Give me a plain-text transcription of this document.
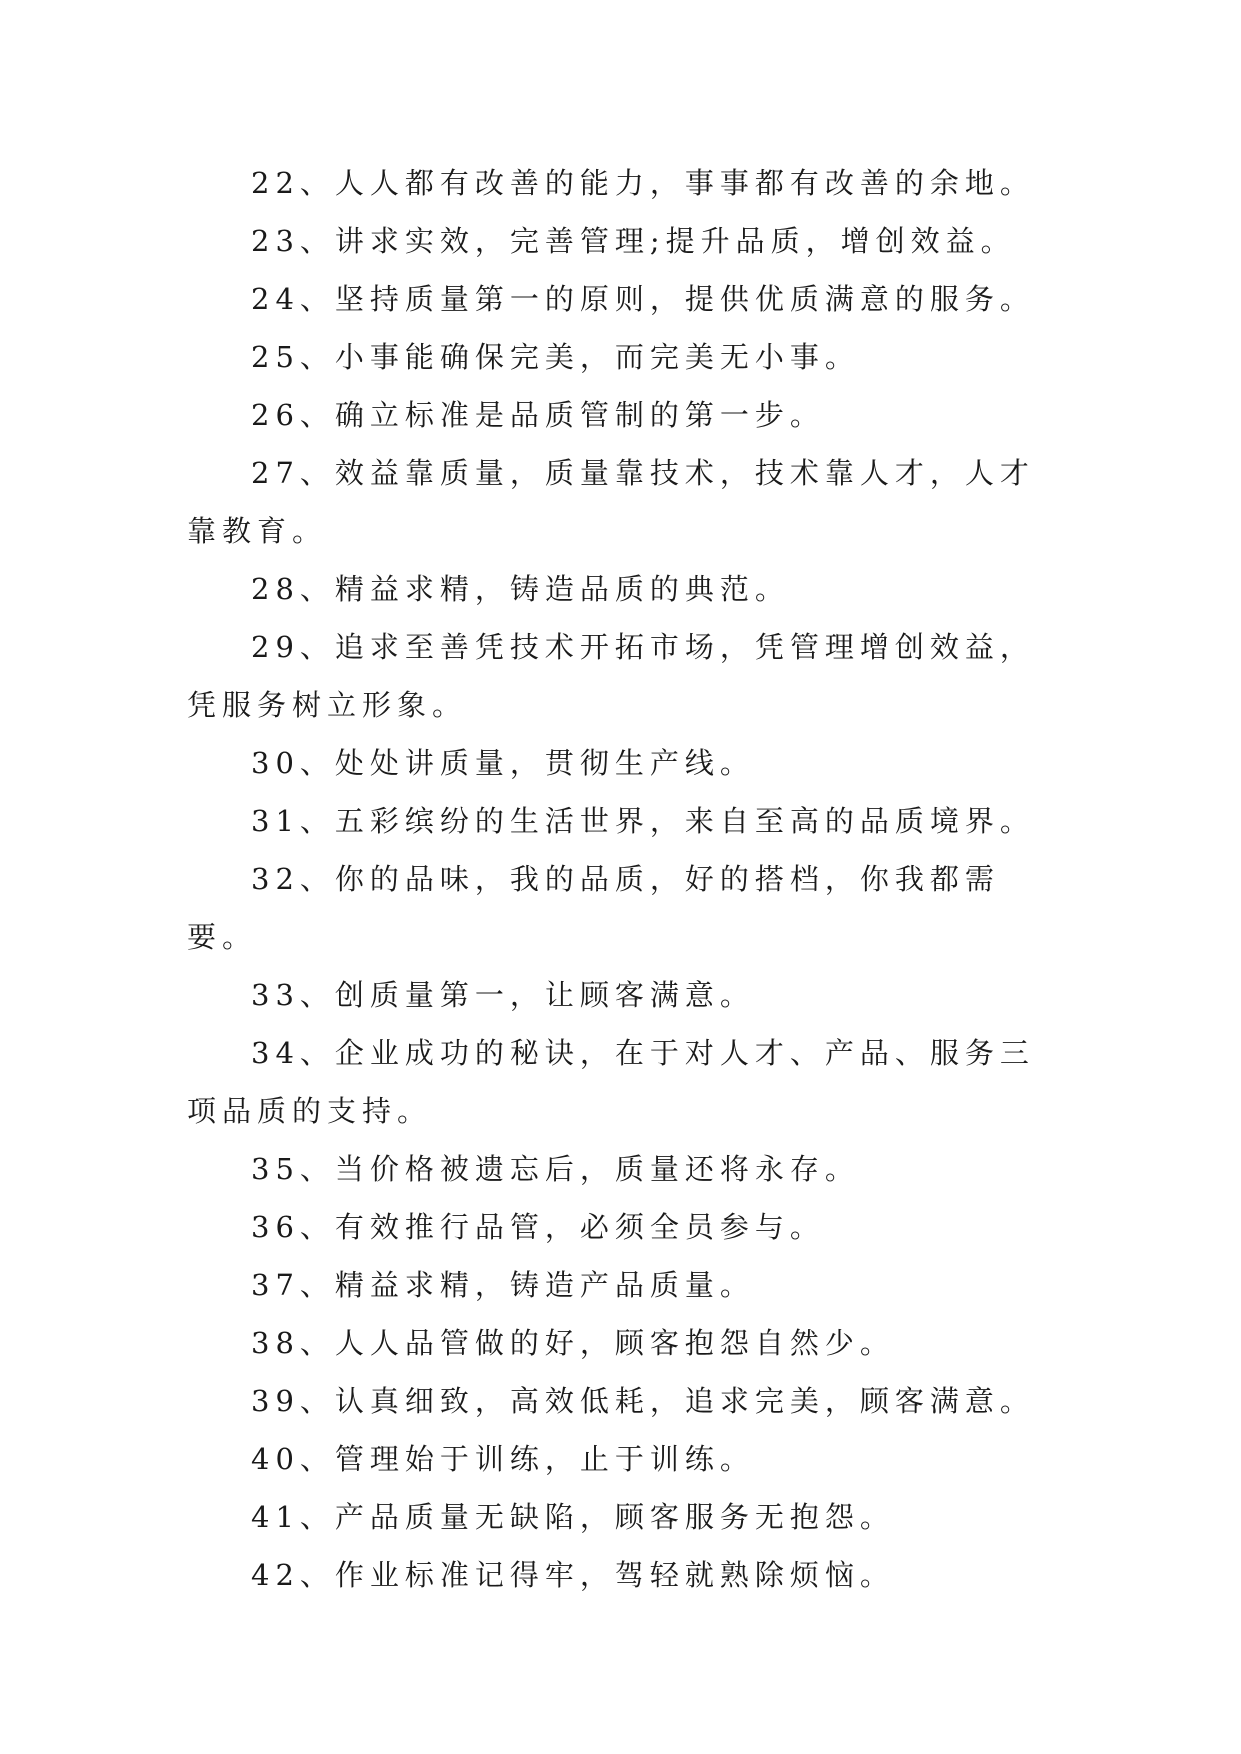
22、人人都有改善的能力，事事都有改善的余地。

23、讲求实效，完善管理;提升品质，增创效益。

24、坚持质量第一的原则，提供优质满意的服务。

25、小事能确保完美，而完美无小事。

26、确立标准是品质管制的第一步。

27、效益靠质量，质量靠技术，技术靠人才，人才靠教育。

28、精益求精，铸造品质的典范。

29、追求至善凭技术开拓市场，凭管理增创效益，凭服务树立形象。

30、处处讲质量，贯彻生产线。

31、五彩缤纷的生活世界，来自至高的品质境界。

32、你的品味，我的品质，好的搭档，你我都需要。

33、创质量第一，让顾客满意。

34、企业成功的秘诀，在于对人才、产品、服务三项品质的支持。

35、当价格被遗忘后，质量还将永存。

36、有效推行品管，必须全员参与。

37、精益求精，铸造产品质量。

38、人人品管做的好，顾客抱怨自然少。

39、认真细致，高效低耗，追求完美，顾客满意。

40、管理始于训练，止于训练。

41、产品质量无缺陷，顾客服务无抱怨。

42、作业标准记得牢，驾轻就熟除烦恼。
